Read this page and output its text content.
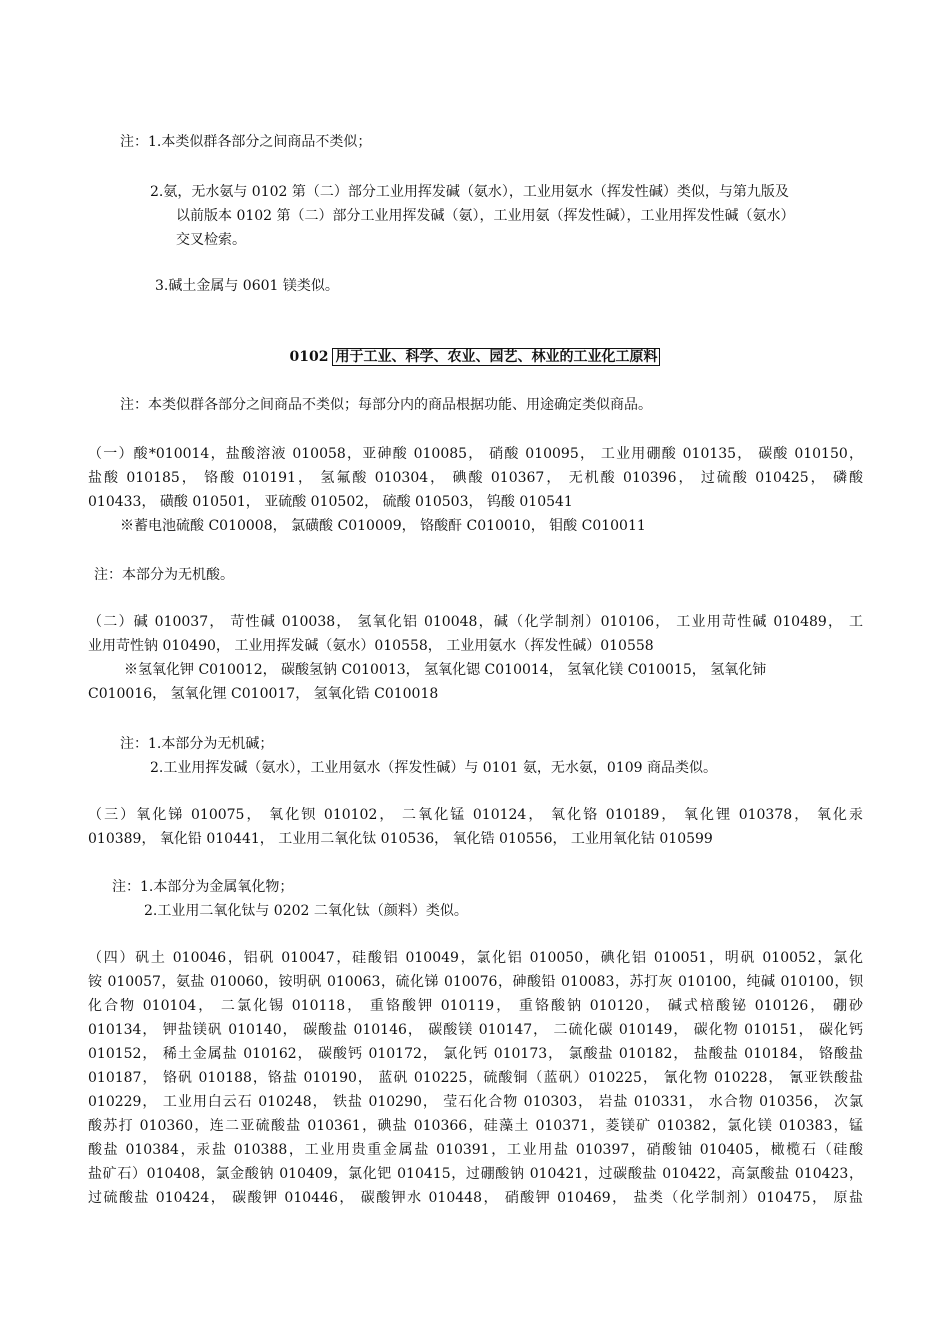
注：1.本类似群各部分之间商品不类似；
2.氨，无水氨与 0102 第（二）部分工业用挥发碱（氨水），工业用氨水（挥发性碱）类似，与第九版及
以前版本 0102 第（二）部分工业用挥发碱（氨），工业用氨（挥发性碱），工业用挥发性碱（氨水）
交叉检索。
3.碱土金属与 0601 镁类似。
0102 用于工业、科学、农业、园艺、林业的工业化工原料
注：本类似群各部分之间商品不类似；每部分内的商品根据功能、用途确定类似商品。
（一）酸*010014，盐酸溶液 010058，亚砷酸 010085， 硝酸 010095， 工业用硼酸 010135， 碳酸 010150，
盐酸 010185， 铬酸 010191， 氢氟酸 010304， 碘酸 010367， 无机酸 010396， 过硫酸 010425， 磷酸
010433， 磺酸 010501， 亚硫酸 010502， 硫酸 010503， 钨酸 010541
※蓄电池硫酸 C010008， 氯磺酸 C010009， 铬酸酐 C010010， 钼酸 C010011
注：本部分为无机酸。
（二）碱 010037， 苛性碱 010038， 氢氧化铝 010048，碱（化学制剂）010106， 工业用苛性碱 010489， 工
业用苛性钠 010490， 工业用挥发碱（氨水）010558， 工业用氨水（挥发性碱）010558
※氢氧化钾 C010012， 碳酸氢钠 C010013， 氢氧化锶 C010014， 氢氧化镁 C010015， 氢氧化铈
C010016， 氢氧化锂 C010017， 氢氧化锆 C010018
注：1.本部分为无机碱；
2.工业用挥发碱（氨水），工业用氨水（挥发性碱）与 0101 氨，无水氨，0109 商品类似。
（三）氧化锑 010075， 氧化钡 010102， 二氧化锰 010124， 氧化铬 010189， 氧化锂 010378， 氧化汞
010389， 氧化铅 010441， 工业用二氧化钛 010536， 氧化锆 010556， 工业用氧化钴 010599
注：1.本部分为金属氧化物；
2.工业用二氧化钛与 0202 二氧化钛（颜料）类似。
（四）矾土 010046，铝矾 010047，硅酸铝 010049，氯化铝 010050，碘化铝 010051，明矾 010052，氯化
铵 010057，氨盐 010060，铵明矾 010063，硫化锑 010076，砷酸铅 010083，苏打灰 010100，纯碱 010100，钡
化合物 010104， 二氯化锡 010118， 重铬酸钾 010119， 重铬酸钠 010120， 碱式棓酸铋 010126， 硼砂
010134， 钾盐镁矾 010140， 碳酸盐 010146， 碳酸镁 010147， 二硫化碳 010149， 碳化物 010151， 碳化钙
010152， 稀土金属盐 010162， 碳酸钙 010172， 氯化钙 010173， 氯酸盐 010182， 盐酸盐 010184， 铬酸盐
010187， 铬矾 010188，铬盐 010190， 蓝矾 010225，硫酸铜（蓝矾）010225， 氰化物 010228， 氰亚铁酸盐
010229， 工业用白云石 010248， 铁盐 010290， 莹石化合物 010303， 岩盐 010331， 水合物 010356， 次氯
酸苏打 010360，连二亚硫酸盐 010361，碘盐 010366，硅藻土 010371，菱镁矿 010382，氯化镁 010383，锰
酸盐 010384，汞盐 010388，工业用贵重金属盐 010391，工业用盐 010397，硝酸铀 010405，橄榄石（硅酸
盐矿石）010408，氯金酸钠 010409，氯化钯 010415，过硼酸钠 010421，过碳酸盐 010422，高氯酸盐 010423，
过硫酸盐 010424， 碳酸钾 010446， 碳酸钾水 010448， 硝酸钾 010469， 盐类（化学制剂）010475， 原盐
